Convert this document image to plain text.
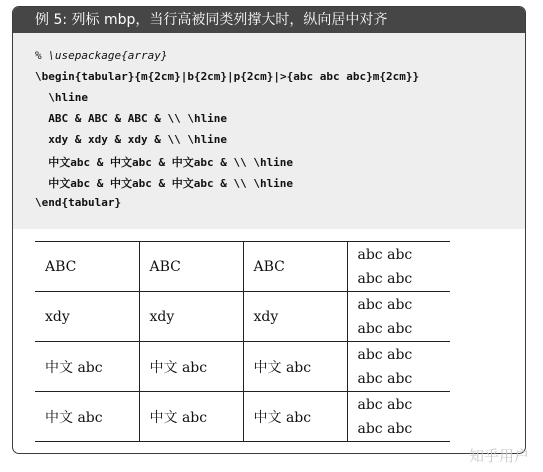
例 5: 列标 mbp，当行高被同类列撑大时，纵向居中对齐
% \usepackage{array}
\begin{tabular}{m{2cm}|b{2cm}|p{2cm}|>{abc abc abc}m{2cm}}
\hline
ABC & ABC & ABC & \\ \hline
xdy & xdy & xdy & \\ \hline
中文abc & 中文abc & 中文abc & \\ \hline
中文abc & 中文abc & 中文abc & \\ \hline
\end{tabular}
ABC	ABC	ABC	abc abc abc abc
xdy	xdy	xdy	abc abc abc abc
中文 abc	中文 abc	中文 abc	abc abc abc abc
中文 abc	中文 abc	中文 abc	abc abc abc abc
知乎用户
